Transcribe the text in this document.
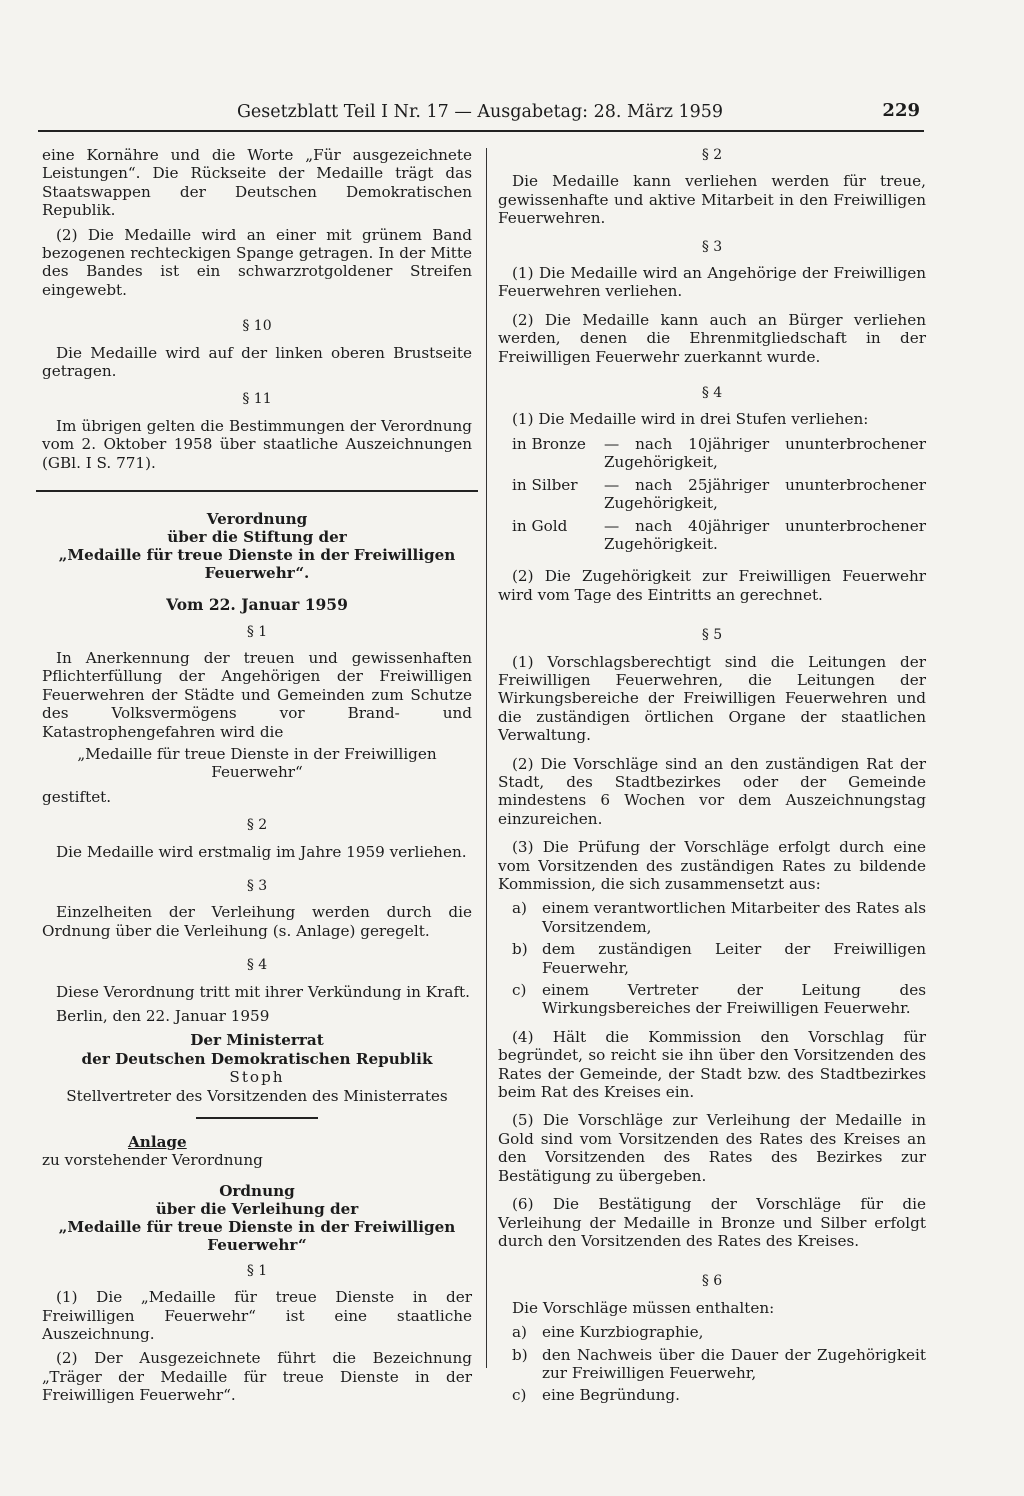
Gesetzblatt Teil I Nr. 17 — Ausgabetag: 28. März 1959	229

eine Kornähre und die Worte „Für ausgezeichnete Leistungen“. Die Rückseite der Medaille trägt das Staatswappen der Deutschen Demokratischen Republik.

(2) Die Medaille wird an einer mit grünem Band bezogenen rechteckigen Spange getragen. In der Mitte des Bandes ist ein schwarzrotgoldener Streifen eingewebt.

§ 10

Die Medaille wird auf der linken oberen Brustseite getragen.

§ 11

Im übrigen gelten die Bestimmungen der Verordnung vom 2. Oktober 1958 über staatliche Auszeichnungen (GBl. I S. 771).

Verordnung
über die Stiftung der
„Medaille für treue Dienste in der Freiwilligen
Feuerwehr“.
Vom 22. Januar 1959
§ 1

In Anerkennung der treuen und gewissenhaften Pflichterfüllung der Angehörigen der Freiwilligen Feuerwehren der Städte und Gemeinden zum Schutze des Volksvermögens vor Brand- und Katastrophengefahren wird die

„Medaille für treue Dienste in der Freiwilligen
Feuerwehr“

gestiftet.

§ 2

Die Medaille wird erstmalig im Jahre 1959 verliehen.

§ 3

Einzelheiten der Verleihung werden durch die Ordnung über die Verleihung (s. Anlage) geregelt.

§ 4

Diese Verordnung tritt mit ihrer Verkündung in Kraft.

Berlin, den 22. Januar 1959

Der Ministerrat
der Deutschen Demokratischen Republik
Stoph
Stellvertreter des Vorsitzenden des Ministerrates
Anlage

zu vorstehender Verordnung

Ordnung
über die Verleihung der
„Medaille für treue Dienste in der Freiwilligen
Feuerwehr“
§ 1

(1) Die „Medaille für treue Dienste in der Freiwilligen Feuerwehr“ ist eine staatliche Auszeichnung.

(2) Der Ausgezeichnete führt die Bezeichnung „Träger der Medaille für treue Dienste in der Freiwilligen Feuerwehr“.

§ 2

Die Medaille kann verliehen werden für treue, gewissenhafte und aktive Mitarbeit in den Freiwilligen Feuerwehren.

§ 3

(1) Die Medaille wird an Angehörige der Freiwilligen Feuerwehren verliehen.

(2) Die Medaille kann auch an Bürger verliehen werden, denen die Ehrenmitgliedschaft in der Freiwilligen Feuerwehr zuerkannt wurde.

§ 4

(1) Die Medaille wird in drei Stufen verliehen:

in Bronze	— nach 10jähriger ununterbrochener Zugehörigkeit,
in Silber	— nach 25jähriger ununterbrochener Zugehörigkeit,
in Gold	— nach 40jähriger ununterbrochener Zugehörigkeit.

(2) Die Zugehörigkeit zur Freiwilligen Feuerwehr wird vom Tage des Eintritts an gerechnet.

§ 5

(1) Vorschlagsberechtigt sind die Leitungen der Freiwilligen Feuerwehren, die Leitungen der Wirkungsbereiche der Freiwilligen Feuerwehren und die zuständigen örtlichen Organe der staatlichen Verwaltung.

(2) Die Vorschläge sind an den zuständigen Rat der Stadt, des Stadtbezirkes oder der Gemeinde mindestens 6 Wochen vor dem Auszeichnungstag einzureichen.

(3) Die Prüfung der Vorschläge erfolgt durch eine vom Vorsitzenden des zuständigen Rates zu bildende Kommission, die sich zusammensetzt aus:

a) einem verantwortlichen Mitarbeiter des Rates als Vorsitzendem,
b) dem zuständigen Leiter der Freiwilligen Feuerwehr,
c)	einem Vertreter der Leitung des Wirkungsbereiches der Freiwilligen Feuerwehr.

(4) Hält die Kommission den Vorschlag für begründet, so reicht sie ihn über den Vorsitzenden des Rates der Gemeinde, der Stadt bzw. des Stadtbezirkes beim Rat des Kreises ein.

(5) Die Vorschläge zur Verleihung der Medaille in Gold sind vom Vorsitzenden des Rates des Kreises an den Vorsitzenden des Rates des Bezirkes zur Bestätigung zu übergeben.

(6) Die Bestätigung der Vorschläge für die Verleihung der Medaille in Bronze und Silber erfolgt durch den Vorsitzenden des Rates des Kreises.

§ 6

Die Vorschläge müssen enthalten:

a) eine Kurzbiographie,
b) den Nachweis über die Dauer der Zugehörigkeit zur Freiwilligen Feuerwehr,
c)	eine Begründung.
